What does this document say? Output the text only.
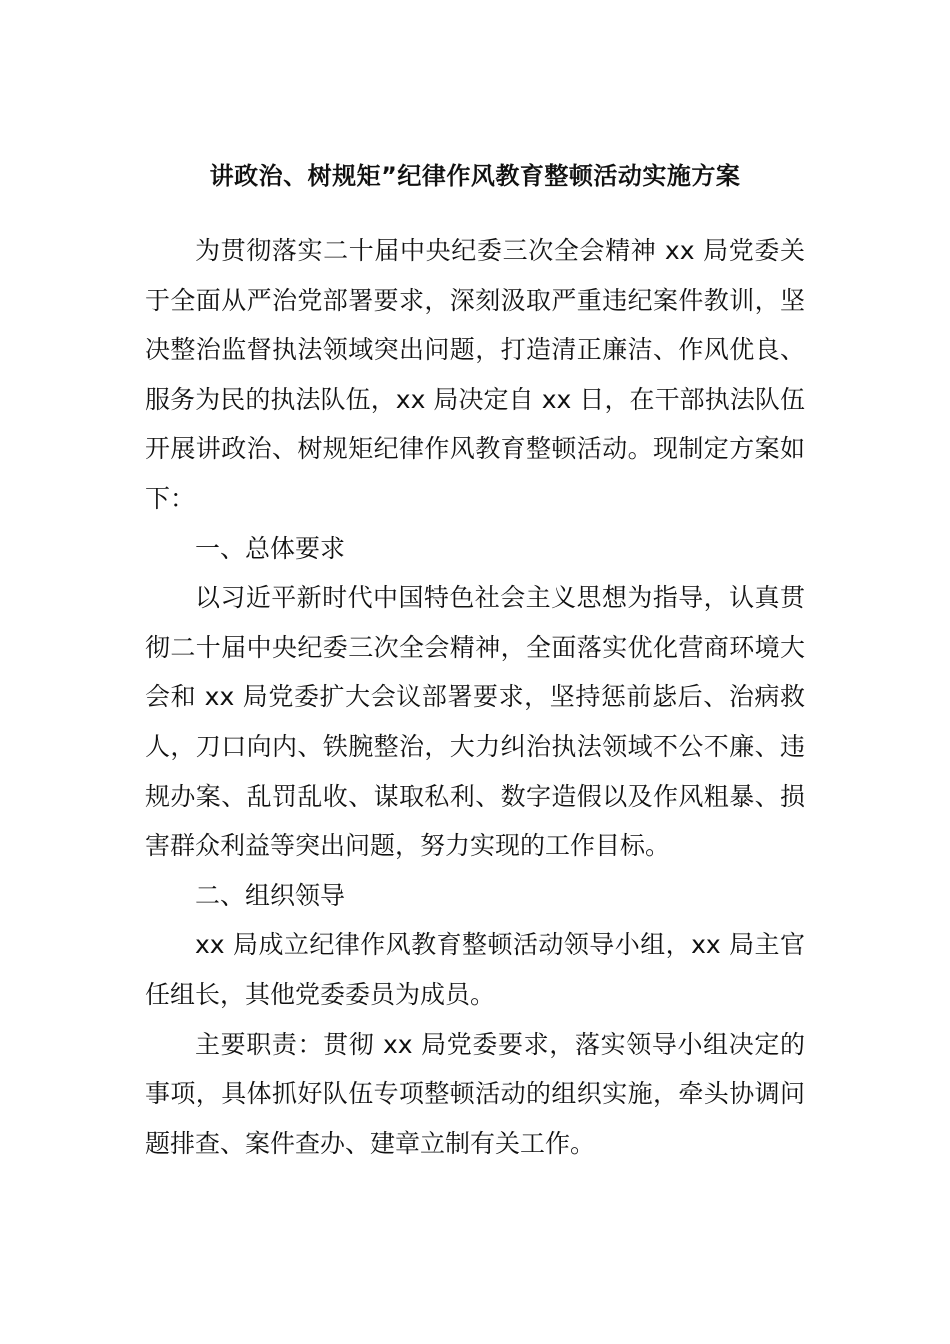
讲政治、树规矩”纪律作风教育整顿活动实施方案

为贯彻落实二十届中央纪委三次全会精神 xx 局党委关于全面从严治党部署要求，深刻汲取严重违纪案件教训，坚决整治监督执法领域突出问题，打造清正廉洁、作风优良、服务为民的执法队伍，xx 局决定自 xx 日，在干部执法队伍开展讲政治、树规矩纪律作风教育整顿活动。现制定方案如下：

一、总体要求

以习近平新时代中国特色社会主义思想为指导，认真贯彻二十届中央纪委三次全会精神，全面落实优化营商环境大会和 xx 局党委扩大会议部署要求，坚持惩前毖后、治病救人，刀口向内、铁腕整治，大力纠治执法领域不公不廉、违规办案、乱罚乱收、谋取私利、数字造假以及作风粗暴、损害群众利益等突出问题，努力实现的工作目标。

二、组织领导

xx 局成立纪律作风教育整顿活动领导小组，xx 局主官任组长，其他党委委员为成员。

主要职责：贯彻 xx 局党委要求，落实领导小组决定的事项，具体抓好队伍专项整顿活动的组织实施，牵头协调问题排查、案件查办、建章立制有关工作。
